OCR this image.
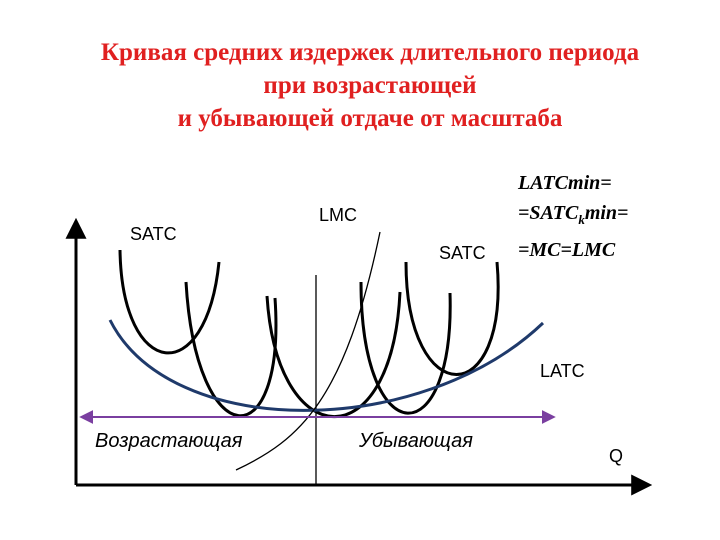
Кривая средних издержек длительного периода
при возрастающей
и убывающей отдаче от масштаба
SATC
LMC
SATC
LATC
Q
Возрастающая	Убывающая
LATCmin=
$=SATC_k\min=$
=MC=LMC
